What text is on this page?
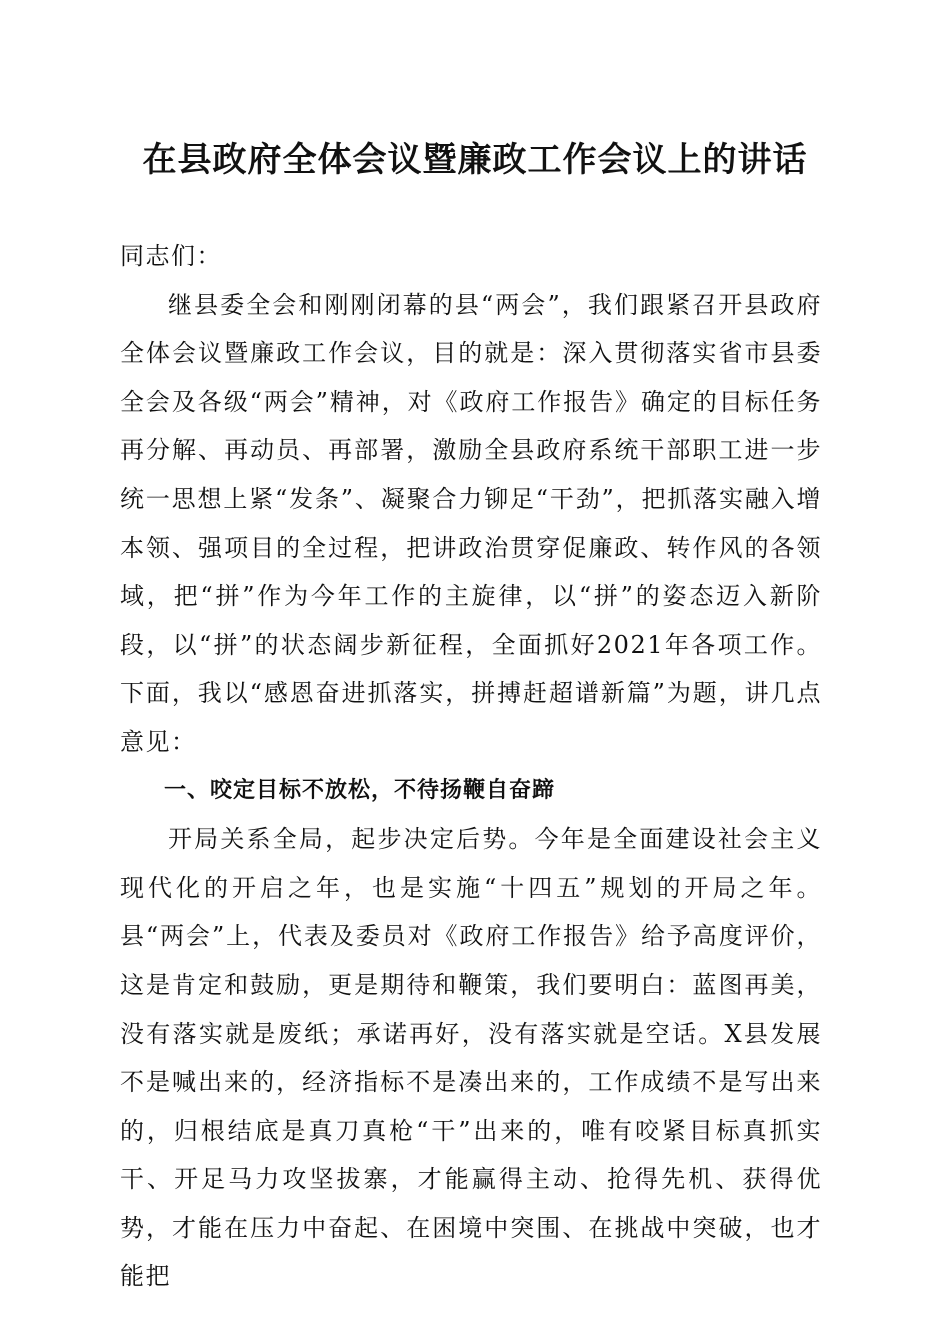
在县政府全体会议暨廉政工作会议上的讲话

同志们：

继县委全会和刚刚闭幕的县“两会”，我们跟紧召开县政府全体会议暨廉政工作会议，目的就是：深入贯彻落实省市县委全会及各级“两会”精神，对《政府工作报告》确定的目标任务再分解、再动员、再部署，激励全县政府系统干部职工进一步统一思想上紧“发条”、凝聚合力铆足“干劲”，把抓落实融入增本领、强项目的全过程，把讲政治贯穿促廉政、转作风的各领域，把“拼”作为今年工作的主旋律，以“拼”的姿态迈入新阶段，以“拼”的状态阔步新征程，全面抓好2021年各项工作。下面，我以“感恩奋进抓落实，拼搏赶超谱新篇”为题，讲几点意见：

一、咬定目标不放松，不待扬鞭自奋蹄

开局关系全局，起步决定后势。今年是全面建设社会主义现代化的开启之年，也是实施“十四五”规划的开局之年。县“两会”上，代表及委员对《政府工作报告》给予高度评价，这是肯定和鼓励，更是期待和鞭策，我们要明白：蓝图再美，没有落实就是废纸；承诺再好，没有落实就是空话。X县发展不是喊出来的，经济指标不是凑出来的，工作成绩不是写出来的，归根结底是真刀真枪“干”出来的，唯有咬紧目标真抓实干、开足马力攻坚拔寨，才能赢得主动、抢得先机、获得优势，才能在压力中奋起、在困境中突围、在挑战中突破，也才能把
